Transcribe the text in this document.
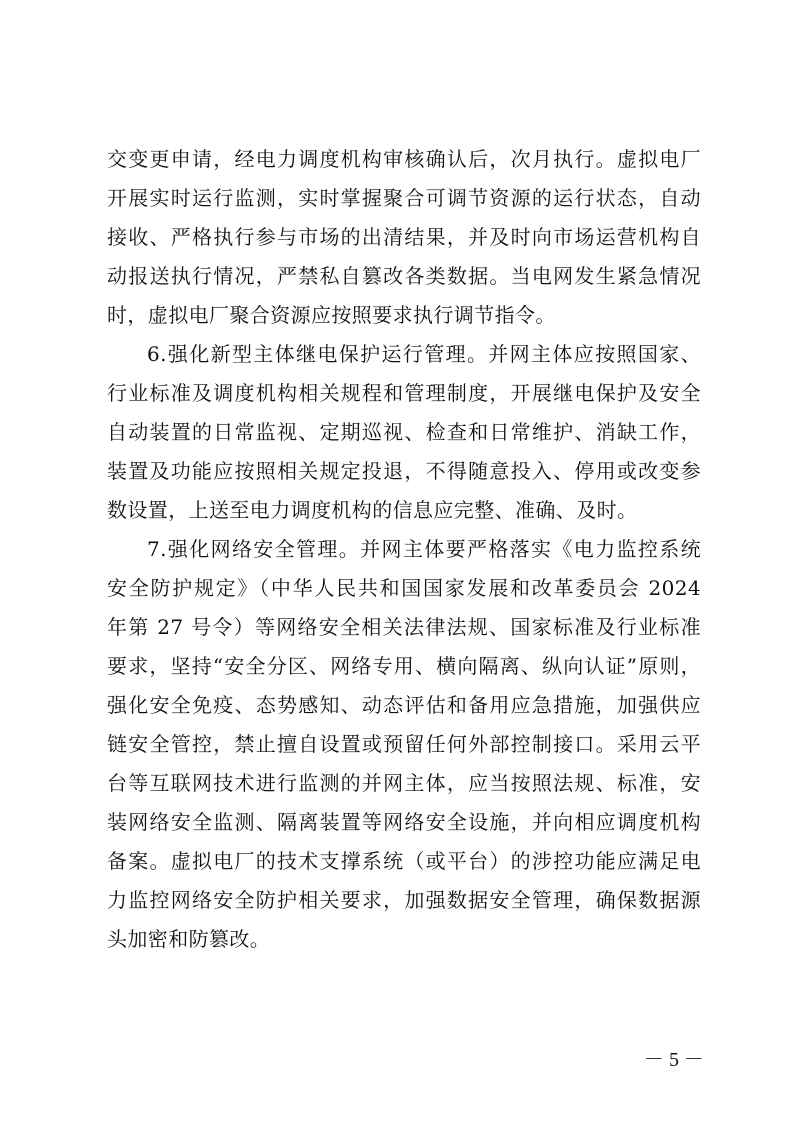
交变更申请，经电力调度机构审核确认后，次月执行。虚拟电厂
开展实时运行监测，实时掌握聚合可调节资源的运行状态，自动
接收、严格执行参与市场的出清结果，并及时向市场运营机构自
动报送执行情况，严禁私自篡改各类数据。当电网发生紧急情况
时，虚拟电厂聚合资源应按照要求执行调节指令。
6.强化新型主体继电保护运行管理。并网主体应按照国家、
行业标准及调度机构相关规程和管理制度，开展继电保护及安全
自动装置的日常监视、定期巡视、检查和日常维护、消缺工作，
装置及功能应按照相关规定投退，不得随意投入、停用或改变参
数设置，上送至电力调度机构的信息应完整、准确、及时。
7.强化网络安全管理。并网主体要严格落实《电力监控系统
安全防护规定》（中华人民共和国国家发展和改革委员会 2024
年第 27 号令）等网络安全相关法律法规、国家标准及行业标准
要求，坚持“安全分区、网络专用、横向隔离、纵向认证”原则，
强化安全免疫、态势感知、动态评估和备用应急措施，加强供应
链安全管控，禁止擅自设置或预留任何外部控制接口。采用云平
台等互联网技术进行监测的并网主体，应当按照法规、标准，安
装网络安全监测、隔离装置等网络安全设施，并向相应调度机构
备案。虚拟电厂的技术支撑系统（或平台）的涉控功能应满足电
力监控网络安全防护相关要求，加强数据安全管理，确保数据源
头加密和防篡改。
－ 5 －
